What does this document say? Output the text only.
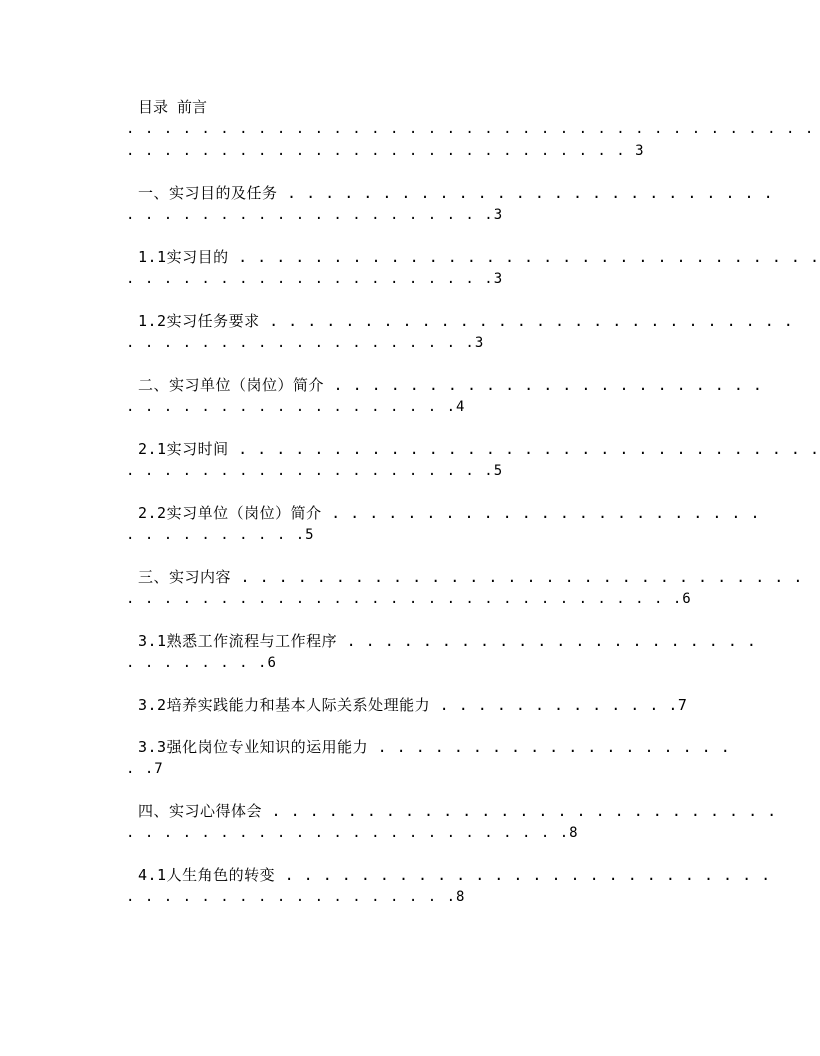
目录 前言
. . . . . . . . . . . . . . . . . . . . . . . . . . . . . . . . . . . . .
. . . . . . . . . . . . . . . . . . . . . . . . . . . 3
一、实习目的及任务 . . . . . . . . . . . . . . . . . . . . . . . . . .
. . . . . . . . . . . . . . . . . . . .3
1.1实习目的 . . . . . . . . . . . . . . . . . . . . . . . . . . . . . . .
. . . . . . . . . . . . . . . . . . . .3
1.2实习任务要求 . . . . . . . . . . . . . . . . . . . . . . . . . . . .
. . . . . . . . . . . . . . . . . . .3
二、实习单位（岗位）简介 . . . . . . . . . . . . . . . . . . . . . . .
. . . . . . . . . . . . . . . . . .4
2.1实习时间 . . . . . . . . . . . . . . . . . . . . . . . . . . . . . . .
. . . . . . . . . . . . . . . . . . . .5
2.2实习单位（岗位）简介 . . . . . . . . . . . . . . . . . . . . . . .
. . . . . . . . . .5
三、实习内容 . . . . . . . . . . . . . . . . . . . . . . . . . . . . . .
. . . . . . . . . . . . . . . . . . . . . . . . . . . . . .6
3.1熟悉工作流程与工作程序 . . . . . . . . . . . . . . . . . . . . . .
. . . . . . . .6
3.2培养实践能力和基本人际关系处理能力 . . . . . . . . . . . . .7
3.3强化岗位专业知识的运用能力 . . . . . . . . . . . . . . . . . . .
. .7
四、实习心得体会 . . . . . . . . . . . . . . . . . . . . . . . . . . .
. . . . . . . . . . . . . . . . . . . . . . . .8
4.1人生角色的转变 . . . . . . . . . . . . . . . . . . . . . . . . . .
. . . . . . . . . . . . . . . . . .8
